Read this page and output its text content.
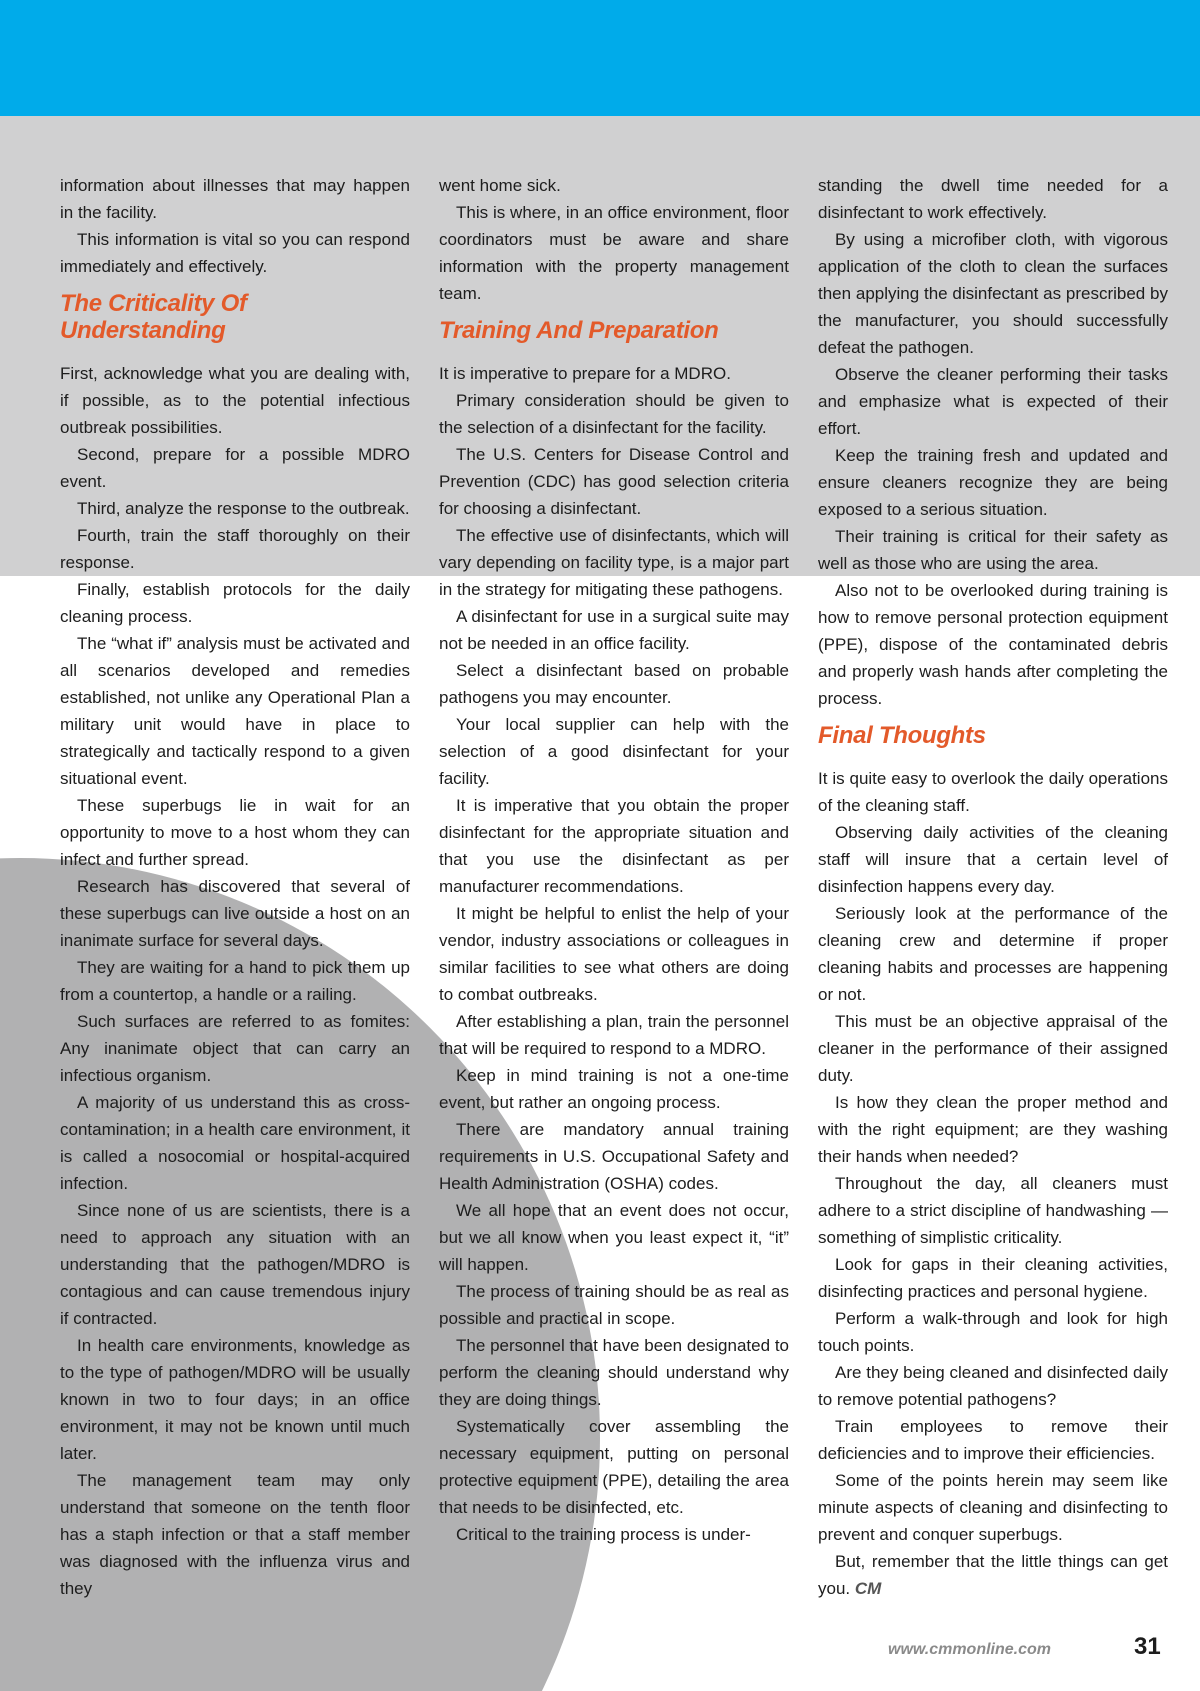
information about illnesses that may happen in the facility.

This information is vital so you can respond immediately and effectively.

The Criticality Of Understanding

First, acknowledge what you are dealing with, if possible, as to the potential infectious outbreak possibilities.

Second, prepare for a possible MDRO event.

Third, analyze the response to the outbreak.

Fourth, train the staff thoroughly on their response.

Finally, establish protocols for the daily cleaning process.

The “what if” analysis must be activated and all scenarios developed and remedies established, not unlike any Operational Plan a military unit would have in place to strategically and tactically respond to a given situational event.

These superbugs lie in wait for an opportunity to move to a host whom they can infect and further spread.

Research has discovered that several of these superbugs can live outside a host on an inanimate surface for several days.

They are waiting for a hand to pick them up from a countertop, a handle or a railing.

Such surfaces are referred to as fomites: Any inanimate object that can carry an infectious organism.

A majority of us understand this as cross-contamination; in a health care environment, it is called a nosocomial or hospital-acquired infection.

Since none of us are scientists, there is a need to approach any situation with an understanding that the pathogen/MDRO is contagious and can cause tremendous injury if contracted.

In health care environments, knowledge as to the type of pathogen/MDRO will be usually known in two to four days; in an office environment, it may not be known until much later.

The management team may only understand that someone on the tenth floor has a staph infection or that a staff member was diagnosed with the influenza virus and they

went home sick.

This is where, in an office environment, floor coordinators must be aware and share information with the property management team.

Training And Preparation

It is imperative to prepare for a MDRO.

Primary consideration should be given to the selection of a disinfectant for the facility.

The U.S. Centers for Disease Control and Prevention (CDC) has good selection criteria for choosing a disinfectant.

The effective use of disinfectants, which will vary depending on facility type, is a major part in the strategy for mitigating these pathogens.

A disinfectant for use in a surgical suite may not be needed in an office facility.

Select a disinfectant based on probable pathogens you may encounter.

Your local supplier can help with the selection of a good disinfectant for your facility.

It is imperative that you obtain the proper disinfectant for the appropriate situation and that you use the disinfectant as per manufacturer recommendations.

It might be helpful to enlist the help of your vendor, industry associations or colleagues in similar facilities to see what others are doing to combat outbreaks.

After establishing a plan, train the personnel that will be required to respond to a MDRO.

Keep in mind training is not a one-time event, but rather an ongoing process.

There are mandatory annual training requirements in U.S. Occupational Safety and Health Administration (OSHA) codes.

We all hope that an event does not occur, but we all know when you least expect it, “it” will happen.

The process of training should be as real as possible and practical in scope.

The personnel that have been designated to perform the cleaning should understand why they are doing things.

Systematically cover assembling the necessary equipment, putting on personal protective equipment (PPE), detailing the area that needs to be disinfected, etc.

Critical to the training process is under-

standing the dwell time needed for a disinfectant to work effectively.

By using a microfiber cloth, with vigorous application of the cloth to clean the surfaces then applying the disinfectant as prescribed by the manufacturer, you should successfully defeat the pathogen.

Observe the cleaner performing their tasks and emphasize what is expected of their effort.

Keep the training fresh and updated and ensure cleaners recognize they are being exposed to a serious situation.

Their training is critical for their safety as well as those who are using the area.

Also not to be overlooked during training is how to remove personal protection equipment (PPE), dispose of the contaminated debris and properly wash hands after completing the process.

Final Thoughts

It is quite easy to overlook the daily operations of the cleaning staff.

Observing daily activities of the cleaning staff will insure that a certain level of disinfection happens every day.

Seriously look at the performance of the cleaning crew and determine if proper cleaning habits and processes are happening or not.

This must be an objective appraisal of the cleaner in the performance of their assigned duty.

Is how they clean the proper method and with the right equipment; are they washing their hands when needed?

Throughout the day, all cleaners must adhere to a strict discipline of handwashing — something of simplistic criticality.

Look for gaps in their cleaning activities, disinfecting practices and personal hygiene.

Perform a walk-through and look for high touch points.

Are they being cleaned and disinfected daily to remove potential pathogens?

Train employees to remove their deficiencies and to improve their efficiencies.

Some of the points herein may seem like minute aspects of cleaning and disinfecting to prevent and conquer superbugs.

But, remember that the little things can get you. CM

www.cmmonline.com	31
